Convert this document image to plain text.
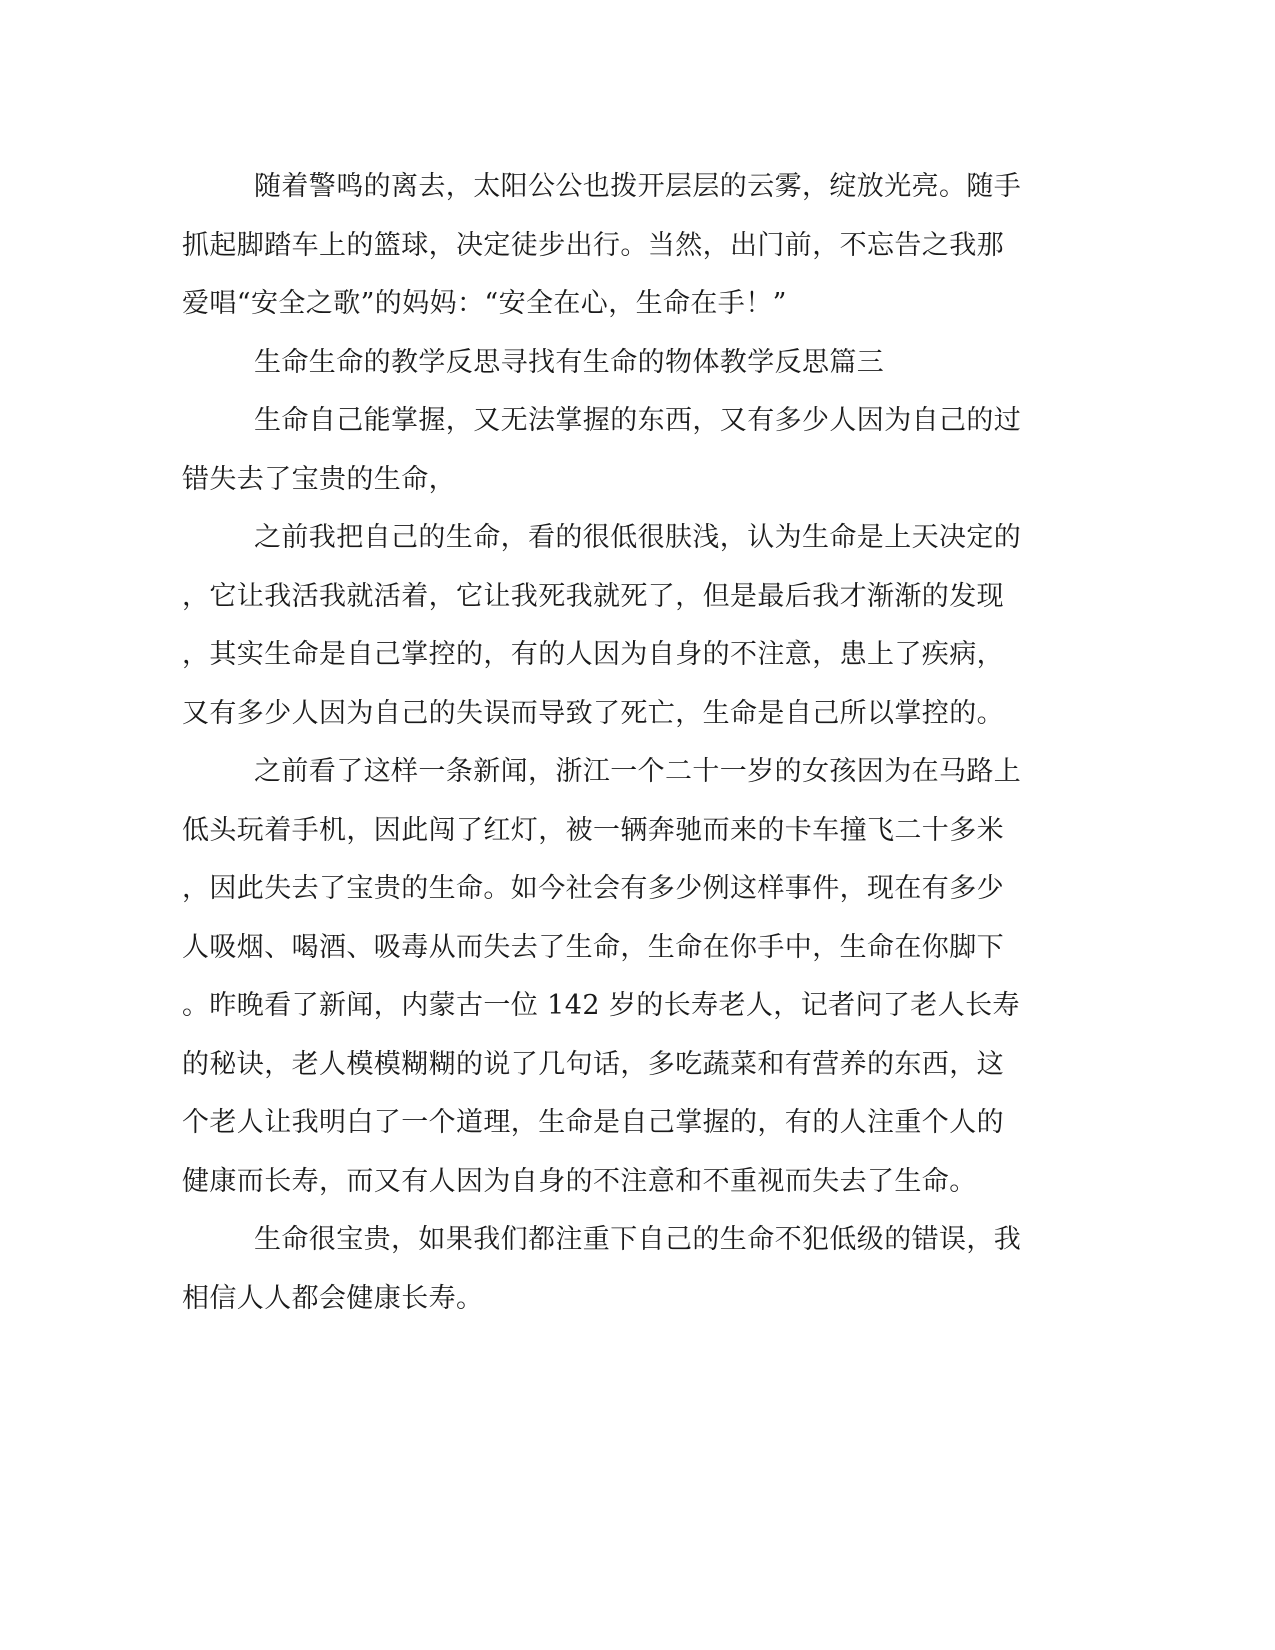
随着警鸣的离去，太阳公公也拨开层层的云雾，绽放光亮。随手
抓起脚踏车上的篮球，决定徒步出行。当然，出门前，不忘告之我那
爱唱“安全之歌”的妈妈：“安全在心，生命在手！”
生命生命的教学反思寻找有生命的物体教学反思篇三
生命自己能掌握，又无法掌握的东西，又有多少人因为自己的过
错失去了宝贵的生命，
之前我把自己的生命，看的很低很肤浅，认为生命是上天决定的
，它让我活我就活着，它让我死我就死了，但是最后我才渐渐的发现
，其实生命是自己掌控的，有的人因为自身的不注意，患上了疾病，
又有多少人因为自己的失误而导致了死亡，生命是自己所以掌控的。
之前看了这样一条新闻，浙江一个二十一岁的女孩因为在马路上
低头玩着手机，因此闯了红灯，被一辆奔驰而来的卡车撞飞二十多米
，因此失去了宝贵的生命。如今社会有多少例这样事件，现在有多少
人吸烟、喝酒、吸毒从而失去了生命，生命在你手中，生命在你脚下
。昨晚看了新闻，内蒙古一位 142 岁的长寿老人，记者问了老人长寿
的秘诀，老人模模糊糊的说了几句话，多吃蔬菜和有营养的东西，这
个老人让我明白了一个道理，生命是自己掌握的，有的人注重个人的
健康而长寿，而又有人因为自身的不注意和不重视而失去了生命。
生命很宝贵，如果我们都注重下自己的生命不犯低级的错误，我
相信人人都会健康长寿。
